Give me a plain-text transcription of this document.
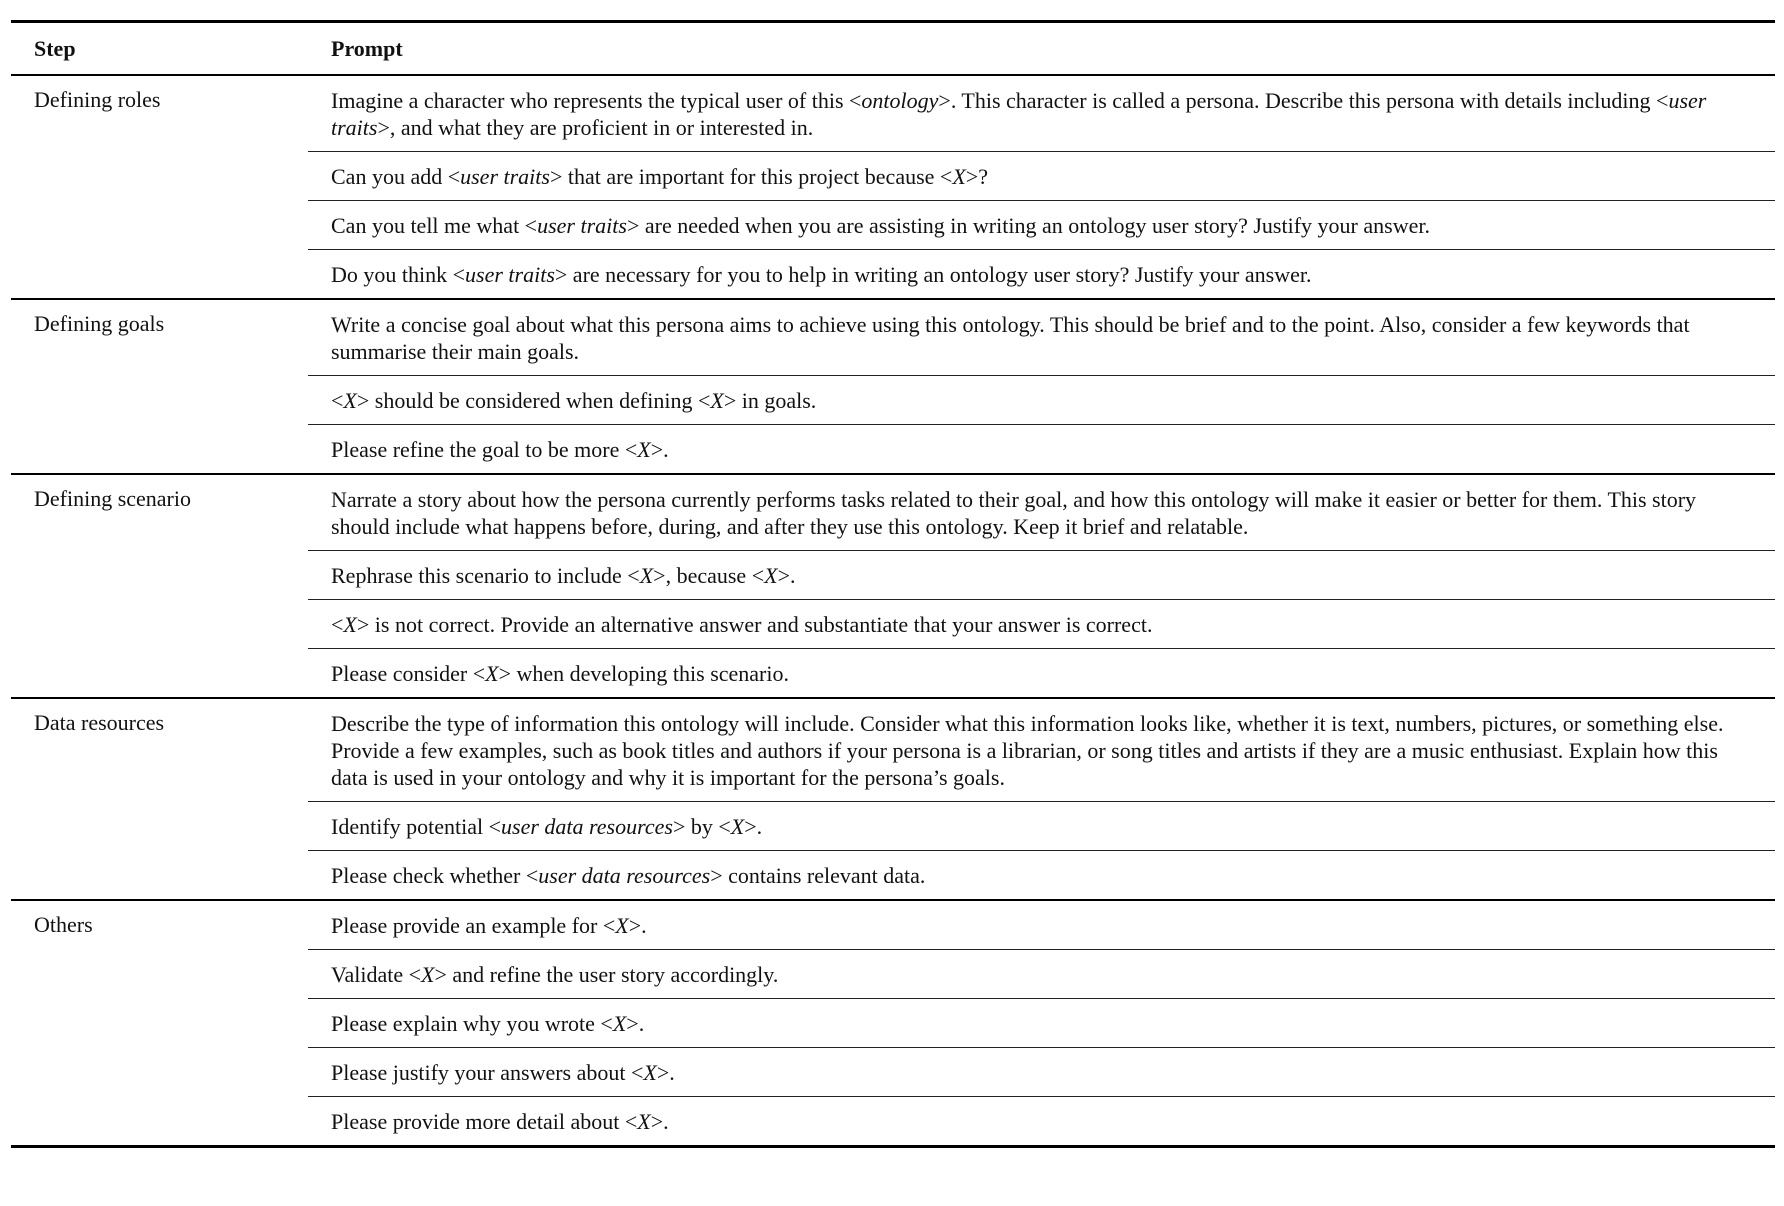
Step	Prompt
Defining roles	Imagine a character who represents the typical user of this <ontology>. This character is called a persona. Describe this persona with details including <user traits>, and what they are proficient in or interested in.
Can you add <user traits> that are important for this project because <X>?
Can you tell me what <user traits> are needed when you are assisting in writing an ontology user story? Justify your answer.
Do you think <user traits> are necessary for you to help in writing an ontology user story? Justify your answer.
Defining goals	Write a concise goal about what this persona aims to achieve using this ontology. This should be brief and to the point. Also, consider a few keywords that summarise their main goals.
<X> should be considered when defining <X> in goals.
Please refine the goal to be more <X>.
Defining scenario	Narrate a story about how the persona currently performs tasks related to their goal, and how this ontology will make it easier or better for them. This story should include what happens before, during, and after they use this ontology. Keep it brief and relatable.
Rephrase this scenario to include <X>, because <X>.
<X> is not correct. Provide an alternative answer and substantiate that your answer is correct.
Please consider <X> when developing this scenario.
Data resources	Describe the type of information this ontology will include. Consider what this information looks like, whether it is text, numbers, pictures, or something else. Provide a few examples, such as book titles and authors if your persona is a librarian, or song titles and artists if they are a music enthusiast. Explain how this data is used in your ontology and why it is important for the persona’s goals.
Identify potential <user data resources> by <X>.
Please check whether <user data resources> contains relevant data.
Others	Please provide an example for <X>.
Validate <X> and refine the user story accordingly.
Please explain why you wrote <X>.
Please justify your answers about <X>.
Please provide more detail about <X>.
